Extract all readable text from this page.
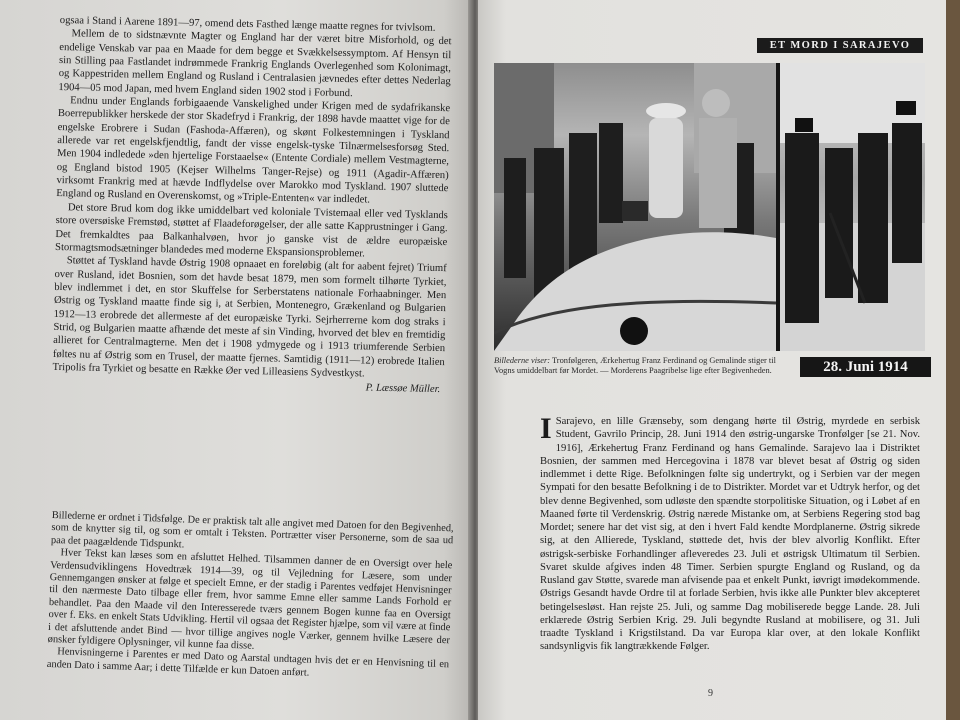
ogsaa i Stand i Aarene 1891—97, omend dets Fasthed længe maatte regnes for tvivlsom.

Mellem de to sidstnævnte Magter og England har der været bitre Misforhold, og det endelige Venskab var paa en Maade for dem begge et Svækkelsessymptom. Af Hensyn til sin Stilling paa Fastlandet indrømmede Frankrig Englands Overlegenhed som Kolonimagt, og Kappestriden mellem England og Rusland i Centralasien jævnedes efter dettes Nederlag 1904—05 mod Japan, med hvem England siden 1902 stod i Forbund.

Endnu under Englands forbigaaende Vanskelighed under Krigen med de sydafrikanske Boerrepublikker herskede der stor Skadefryd i Frankrig, der 1898 havde maattet vige for de engelske Erobrere i Sudan (Fashoda-Affæren), og skønt Folkestemningen i Tyskland allerede var ret engelskfjendtlig, fandt der visse engelsk-tyske Tilnærmelsesforsøg Sted. Men 1904 indledede »den hjertelige Forstaaelse« (Entente Cordiale) mellem Vestmagterne, og England bistod 1905 (Kejser Wilhelms Tanger-Rejse) og 1911 (Agadir-Affæren) virksomt Frankrig med at hævde Indflydelse over Marokko mod Tyskland. 1907 sluttede England og Rusland en Overenskomst, og »Triple-Ententen« var indledet.

Det store Brud kom dog ikke umiddelbart ved koloniale Tvistemaal eller ved Tysklands store oversøiske Fremstød, støttet af Flaadeforøgelser, der alle satte Kapprustninger i Gang. Det fremkaldtes paa Balkanhalvøen, hvor jo ganske vist de ældre europæiske Stormagtsmodsætninger blandedes med moderne Ekspansionsproblemer.

Støttet af Tyskland havde Østrig 1908 opnaaet en foreløbig (alt for aabent fejret) Triumf over Rusland, idet Bosnien, som det havde besat 1879, men som formelt tilhørte Tyrkiet, blev indlemmet i det, en stor Skuffelse for Serberstatens nationale Forhaabninger. Men Østrig og Tyskland maatte finde sig i, at Serbien, Montenegro, Grækenland og Bulgarien 1912—13 erobrede det allermeste af det europæiske Tyrki. Sejrherrerne kom dog straks i Strid, og Bulgarien maatte afhænde det meste af sin Vinding, hvorved det blev en fremtidig allieret for Centralmagterne. Men det i 1908 ydmygede og i 1913 triumferende Serbien føltes nu af Østrig som en Trusel, der maatte fjernes. Samtidig (1911—12) erobrede Italien Tripolis fra Tyrkiet og besatte en Række Øer ved Lilleasiens Sydvestkyst.

P. Læssøe Müller.

Billederne er ordnet i Tidsfølge. De er praktisk talt alle angivet med Datoen for den Begivenhed, som de knytter sig til, og som er omtalt i Teksten. Portrætter viser Personerne, som de saa ud paa det paagældende Tidspunkt.

Hver Tekst kan læses som en afsluttet Helhed. Tilsammen danner de en Oversigt over hele Verdensudviklingens Hovedtræk 1914—39, og til Vejledning for Læsere, som under Gennemgangen ønsker at følge et specielt Emne, er der stadig i Parentes vedføjet Henvisninger til den nærmeste Dato tilbage eller frem, hvor samme Emne eller samme Lands Forhold er behandlet. Paa den Maade vil den Interesserede tværs gennem Bogen kunne faa en Oversigt over f. Eks. en enkelt Stats Udvikling. Hertil vil ogsaa det Register hjælpe, som vil være at finde i det afsluttende andet Bind — hvor tillige angives nogle Værker, gennem hvilke Læsere der ønsker fyldigere Oplysninger, vil kunne faa disse.

Henvisningerne i Parentes er med Dato og Aarstal undtagen hvis det er en Henvisning til en anden Dato i samme Aar; i dette Tilfælde er kun Datoen anført.

ET MORD I SARAJEVO
Billederne viser: Tronfølgeren, Ærkehertug Franz Ferdinand og Gemalinde stiger til Vogns umiddelbart før Mordet. — Morderens Paagribelse lige efter Begivenheden.	28. Juni 1914
I Sarajevo, en lille Grænseby, som dengang hørte til Østrig, myrdede en serbisk Student, Gavrilo Princip, 28. Juni 1914 den østrig-ungarske Tronfølger [se 21. Nov. 1916], Ærkehertug Franz Ferdinand og hans Gemalinde. Sarajevo laa i Distriktet Bosnien, der sammen med Hercegovina i 1878 var blevet besat af Østrig og siden indlemmet i dette Rige. Befolkningen følte sig undertrykt, og i Serbien var der megen Sympati for den besatte Befolkning i de to Distrikter. Mordet var et Udtryk herfor, og det blev denne Begivenhed, som udløste den spændte storpolitiske Situation, og i Løbet af en Maaned førte til Verdenskrig. Østrig nærede Mistanke om, at Serbiens Regering stod bag Mordet; senere har det vist sig, at den i hvert Fald kendte Mordplanerne. Østrig sikrede sig, at den Allierede, Tyskland, støttede det, hvis der blev alvorlig Konflikt. Efter østrigsk-serbiske Forhandlinger afleveredes 23. Juli et østrigsk Ultimatum til Serbien. Svaret skulde afgives inden 48 Timer. Serbien spurgte England og Rusland, og da Rusland gav Støtte, svarede man afvisende paa et enkelt Punkt, iøvrigt imødekommende. Østrigs Gesandt havde Ordre til at forlade Serbien, hvis ikke alle Punkter blev akcepteret betingelsesløst. Han rejste 25. Juli, og samme Dag mobiliserede begge Lande. 28. Juli erklærede Østrig Serbien Krig. 29. Juli begyndte Rusland at mobilisere, og 31. Juli traadte Tyskland i Krigstilstand. Da var Europa klar over, at den lokale Konflikt sandsynligvis fik langtrækkende Følger.
9
